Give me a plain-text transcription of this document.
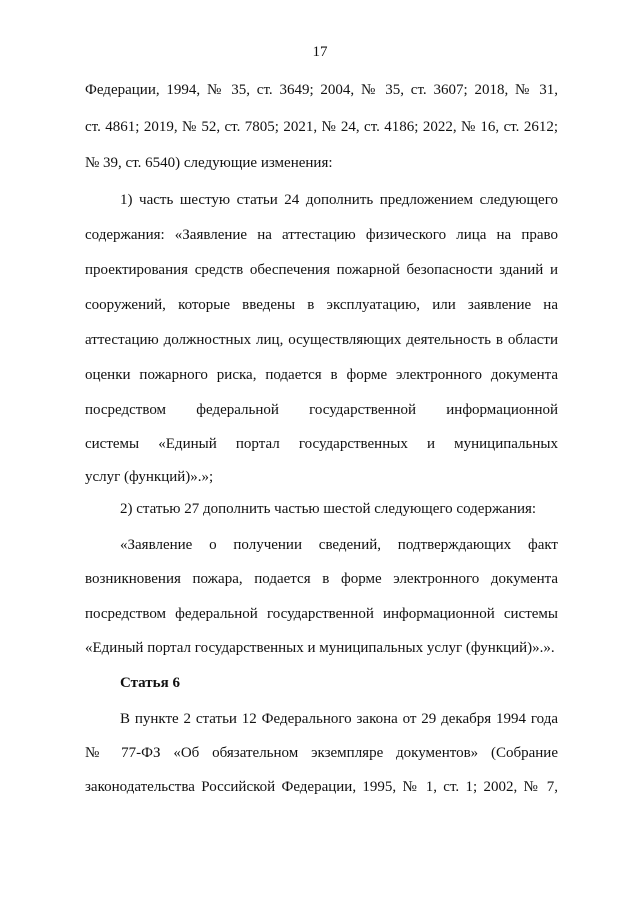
17
Федерации, 1994, № 35, ст. 3649; 2004, № 35, ст. 3607; 2018, № 31,
ст. 4861; 2019, № 52, ст. 7805; 2021, № 24, ст. 4186; 2022, № 16, ст. 2612;
№ 39, ст. 6540) следующие изменения:
1) часть шестую статьи 24 дополнить предложением следующего
содержания: «Заявление на аттестацию физического лица на право
проектирования средств обеспечения пожарной безопасности зданий и
сооружений, которые введены в эксплуатацию, или заявление на
аттестацию должностных лиц, осуществляющих деятельность в области
оценки пожарного риска, подается в форме электронного документа
посредством федеральной государственной информационной
системы «Единый портал государственных и муниципальных
услуг (функций)».»;
2) статью 27 дополнить частью шестой следующего содержания:
«Заявление о получении сведений, подтверждающих факт
возникновения пожара, подается в форме электронного документа
посредством федеральной государственной информационной системы
«Единый портал государственных и муниципальных услуг (функций)».».
Статья 6
В пункте 2 статьи 12 Федерального закона от 29 декабря 1994 года
№ 77-ФЗ «Об обязательном экземпляре документов» (Собрание
законодательства Российской Федерации, 1995, № 1, ст. 1; 2002, № 7,
